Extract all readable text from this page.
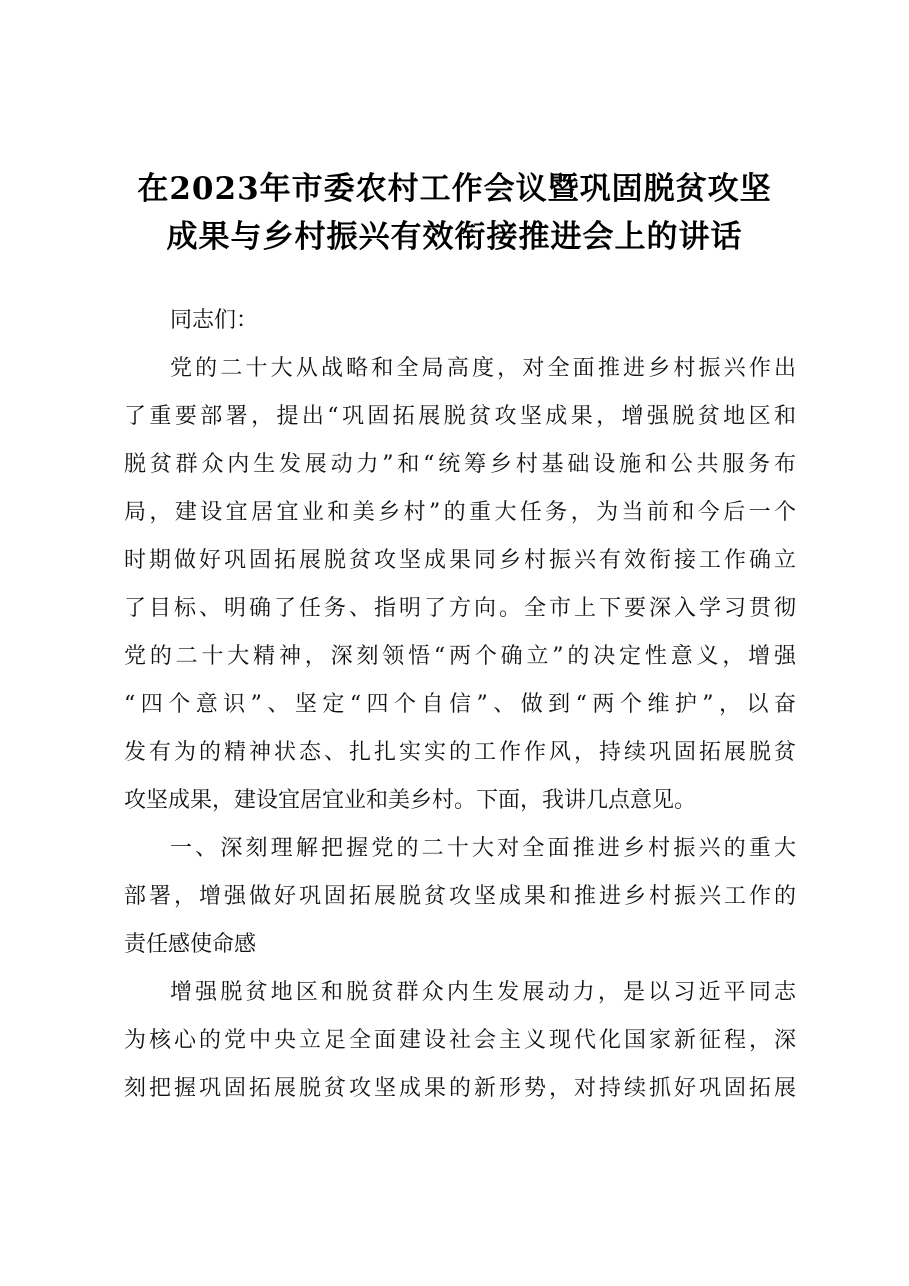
在2023年市委农村工作会议暨巩固脱贫攻坚
成果与乡村振兴有效衔接推进会上的讲话
同志们：
党的二十大从战略和全局高度，对全面推进乡村振兴作出
了重要部署，提出“巩固拓展脱贫攻坚成果，增强脱贫地区和
脱贫群众内生发展动力”和“统筹乡村基础设施和公共服务布
局，建设宜居宜业和美乡村”的重大任务，为当前和今后一个
时期做好巩固拓展脱贫攻坚成果同乡村振兴有效衔接工作确立
了目标、明确了任务、指明了方向。全市上下要深入学习贯彻
党的二十大精神，深刻领悟“两个确立”的决定性意义，增强
“四个意识”、坚定“四个自信”、做到“两个维护”，以奋
发有为的精神状态、扎扎实实的工作作风，持续巩固拓展脱贫
攻坚成果，建设宜居宜业和美乡村。下面，我讲几点意见。
一、深刻理解把握党的二十大对全面推进乡村振兴的重大
部署，增强做好巩固拓展脱贫攻坚成果和推进乡村振兴工作的
责任感使命感
增强脱贫地区和脱贫群众内生发展动力，是以习近平同志
为核心的党中央立足全面建设社会主义现代化国家新征程，深
刻把握巩固拓展脱贫攻坚成果的新形势，对持续抓好巩固拓展
